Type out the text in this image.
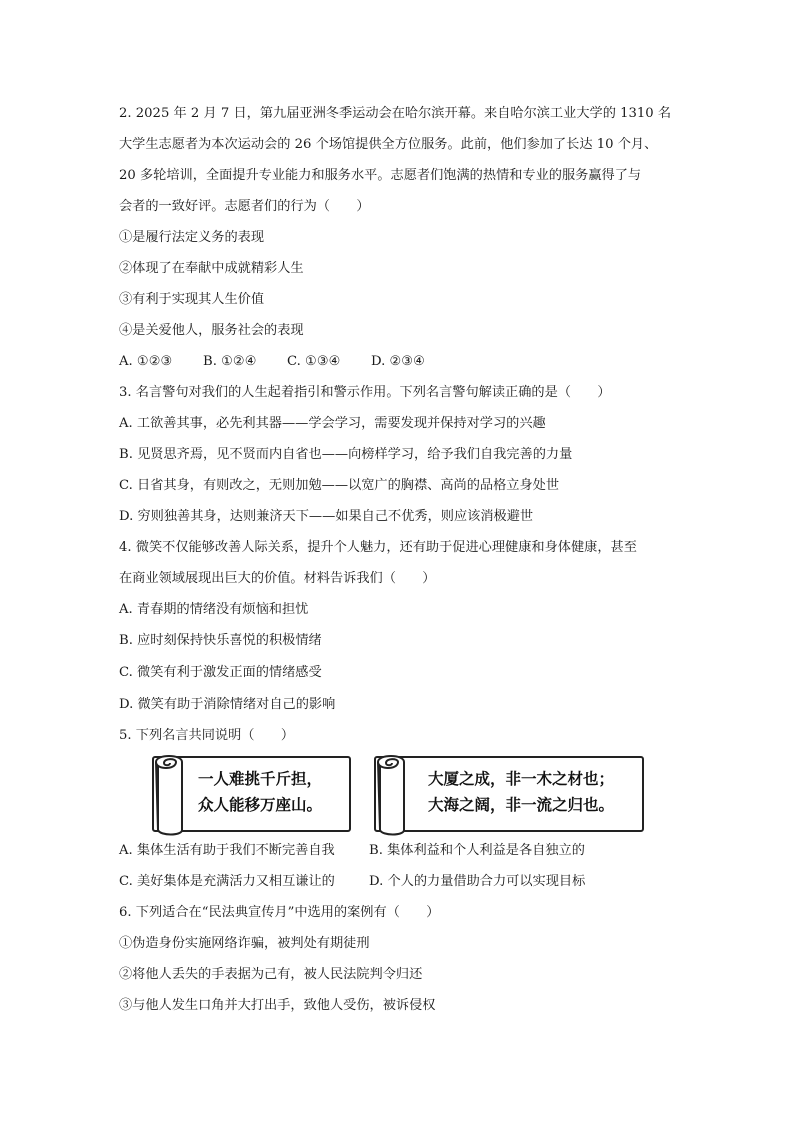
2. 2025 年 2 月 7 日，第九届亚洲冬季运动会在哈尔滨开幕。来自哈尔滨工业大学的 1310 名
大学生志愿者为本次运动会的 26 个场馆提供全方位服务。此前，他们参加了长达 10 个月、
20 多轮培训，全面提升专业能力和服务水平。志愿者们饱满的热情和专业的服务赢得了与
会者的一致好评。志愿者们的行为（　　）
①是履行法定义务的表现
②体现了在奉献中成就精彩人生
③有利于实现其人生价值
④是关爱他人，服务社会的表现
A. ①②③ B. ①②④ C. ①③④ D. ②③④
3. 名言警句对我们的人生起着指引和警示作用。下列名言警句解读正确的是（　　）
A. 工欲善其事，必先利其器——学会学习，需要发现并保持对学习的兴趣
B. 见贤思齐焉，见不贤而内自省也——向榜样学习，给予我们自我完善的力量
C. 日省其身，有则改之，无则加勉——以宽广的胸襟、高尚的品格立身处世
D. 穷则独善其身，达则兼济天下——如果自己不优秀，则应该消极避世
4. 微笑不仅能够改善人际关系，提升个人魅力，还有助于促进心理健康和身体健康，甚至
在商业领域展现出巨大的价值。材料告诉我们（　　）
A. 青春期的情绪没有烦恼和担忧
B. 应时刻保持快乐喜悦的积极情绪
C. 微笑有利于激发正面的情绪感受
D. 微笑有助于消除情绪对自己的影响
5. 下列名言共同说明（　　）
一人难挑千斤担，
众人能移万座山。
大厦之成，非一木之材也；
大海之阔，非一流之归也。
A. 集体生活有助于我们不断完善自我	B. 集体利益和个人利益是各自独立的
C. 美好集体是充满活力又相互谦让的	D. 个人的力量借助合力可以实现目标
6. 下列适合在“民法典宣传月”中选用的案例有（　　）
①伪造身份实施网络诈骗，被判处有期徒刑
②将他人丢失的手表据为己有，被人民法院判令归还
③与他人发生口角并大打出手，致他人受伤，被诉侵权
